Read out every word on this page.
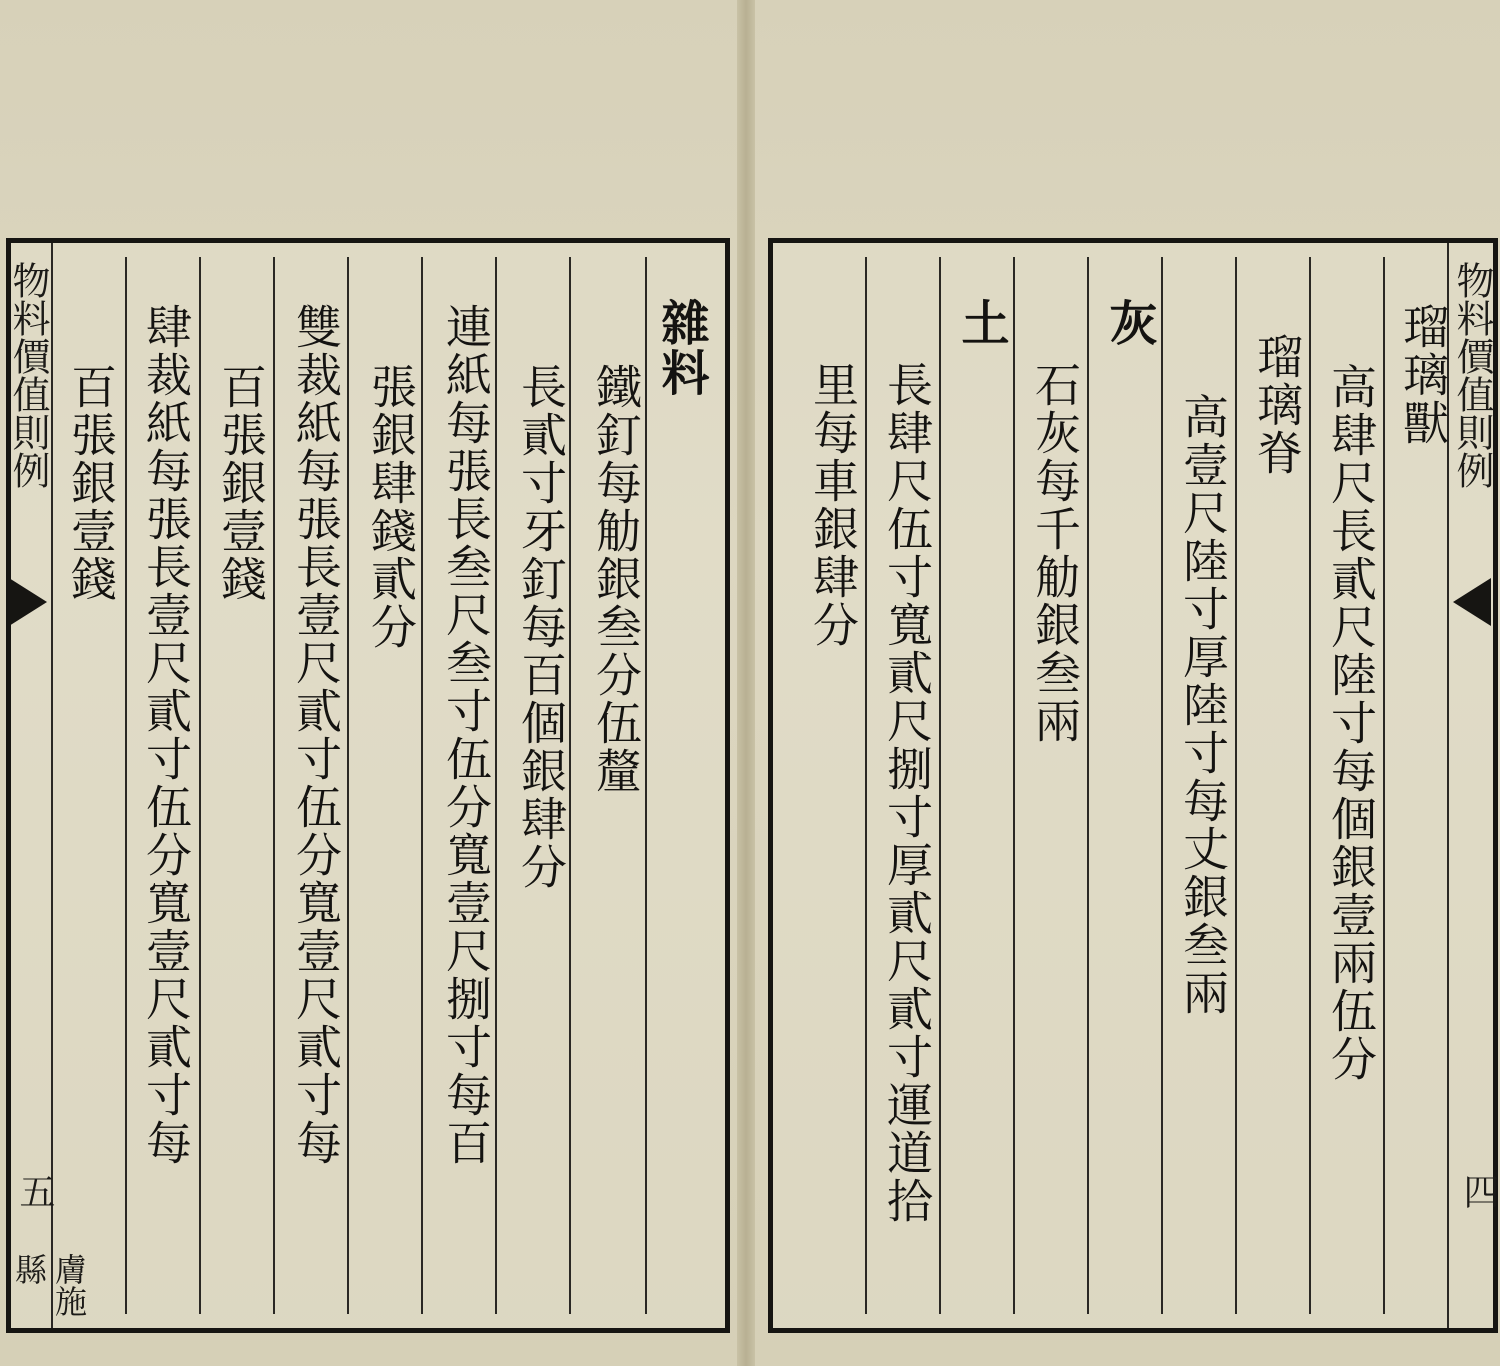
雜料
鐵釘每觔銀叁分伍釐
長貳寸牙釘每百個銀肆分
連紙每張長叁尺叁寸伍分寬壹尺捌寸每百
張銀肆錢貳分
雙裁紙每張長壹尺貳寸伍分寬壹尺貳寸每
百張銀壹錢
肆裁紙每張長壹尺貳寸伍分寬壹尺貳寸每
百張銀壹錢
物料價值則例
五
膚施縣
物料價值則例
四
瑠璃獸
高肆尺長貳尺陸寸每個銀壹兩伍分
瑠璃脊
高壹尺陸寸厚陸寸每丈銀叁兩
灰
石灰每千觔銀叁兩
土
長肆尺伍寸寬貳尺捌寸厚貳尺貳寸運道拾
里每車銀肆分
